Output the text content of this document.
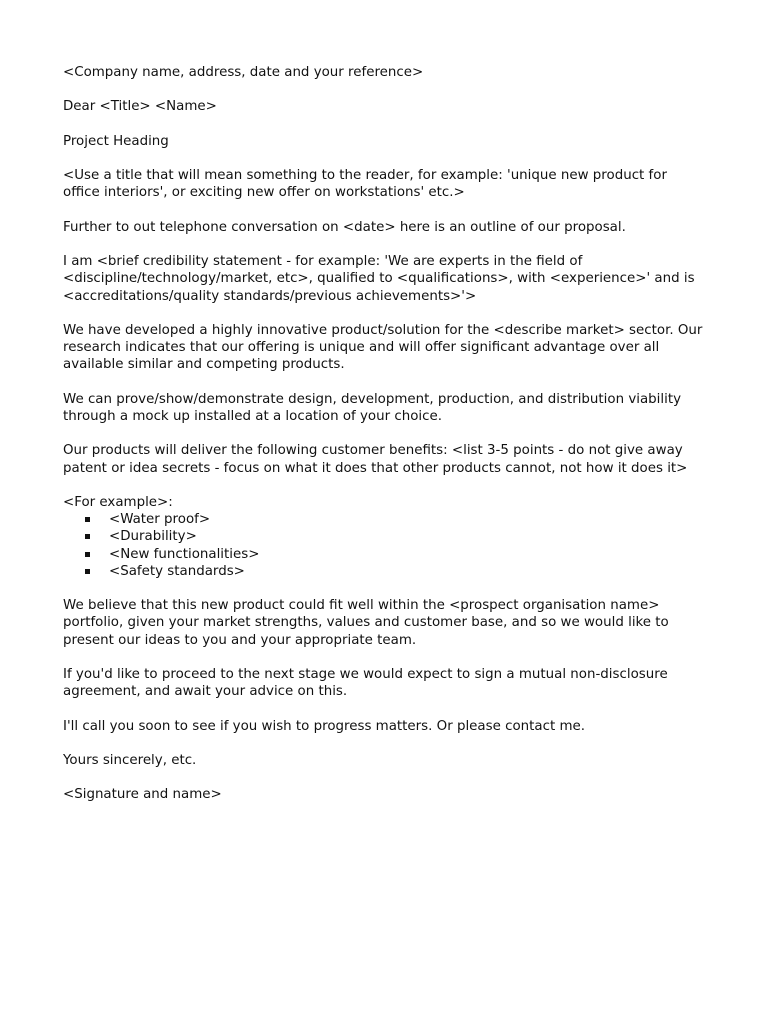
<Company name, address, date and your reference>

Dear <Title> <Name>

Project Heading

<Use a title that will mean something to the reader, for example: 'unique new product for office interiors', or exciting new offer on workstations' etc.>

Further to out telephone conversation on <date> here is an outline of our proposal.

I am <brief credibility statement - for example: 'We are experts in the field of <discipline/technology/market, etc>, qualified to <qualifications>, with <experience>' and is <accreditations/quality standards/previous achievements>'>

We have developed a highly innovative product/solution for the <describe market> sector. Our research indicates that our offering is unique and will offer significant advantage over all available similar and competing products.

We can prove/show/demonstrate design, development, production, and distribution viability through a mock up installed at a location of your choice.

Our products will deliver the following customer benefits: <list 3-5 points - do not give away patent or idea secrets - focus on what it does that other products cannot, not how it does it>

<For example>:

<Water proof>
<Durability>
<New functionalities>
<Safety standards>

We believe that this new product could fit well within the <prospect organisation name> portfolio, given your market strengths, values and customer base, and so we would like to present our ideas to you and your appropriate team.

If you'd like to proceed to the next stage we would expect to sign a mutual non-disclosure agreement, and await your advice on this.

I'll call you soon to see if you wish to progress matters. Or please contact me.

Yours sincerely, etc.

<Signature and name>
